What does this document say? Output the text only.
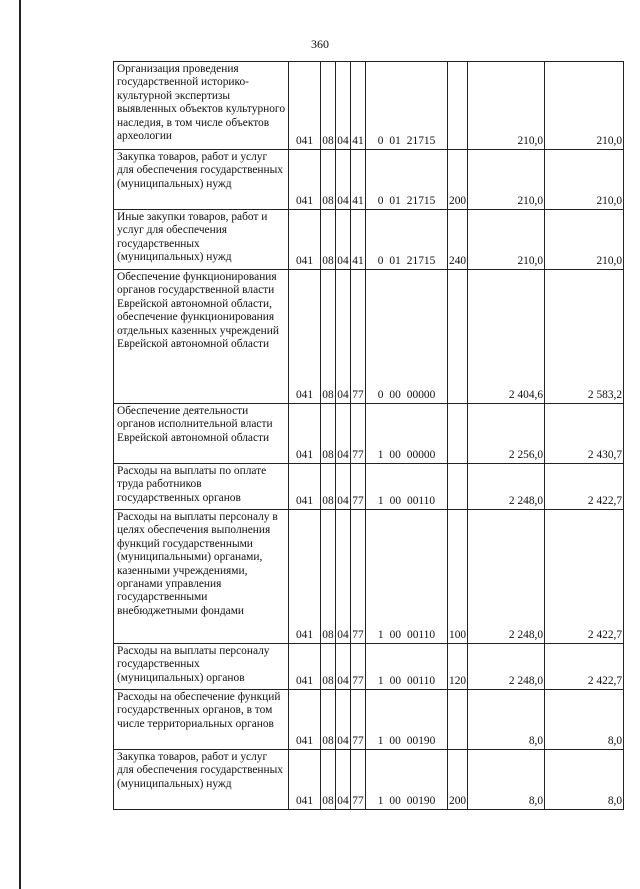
360
Организация проведения государственной историко-культурной экспертизы выявленных объектов культурного наследия, в том числе объектов археологии	041	08	04	41	0 01 21715		210,0	210,0
Закупка товаров, работ и услуг для обеспечения государственных (муниципальных) нужд	041	08	04	41	0 01 21715	200	210,0	210,0
Иные закупки товаров, работ и услуг для обеспечения государственных (муниципальных) нужд	041	08	04	41	0 01 21715	240	210,0	210,0
Обеспечение функционирования органов государственной власти Еврейской автономной области, обеспечение функционирования отдельных казенных учреждений Еврейской автономной области	041	08	04	77	0 00 00000		2 404,6	2 583,2
Обеспечение деятельности органов исполнительной власти Еврейской автономной области	041	08	04	77	1 00 00000		2 256,0	2 430,7
Расходы на выплаты по оплате труда работников государственных органов	041	08	04	77	1 00 00110		2 248,0	2 422,7
Расходы на выплаты персоналу в целях обеспечения выполнения функций государственными (муниципальными) органами, казенными учреждениями, органами управления государственными внебюджетными фондами	041	08	04	77	1 00 00110	100	2 248,0	2 422,7
Расходы на выплаты персоналу государственных (муниципальных) органов	041	08	04	77	1 00 00110	120	2 248,0	2 422,7
Расходы на обеспечение функций государственных органов, в том числе территориальных органов	041	08	04	77	1 00 00190		8,0	8,0
Закупка товаров, работ и услуг для обеспечения государственных (муниципальных) нужд	041	08	04	77	1 00 00190	200	8,0	8,0
